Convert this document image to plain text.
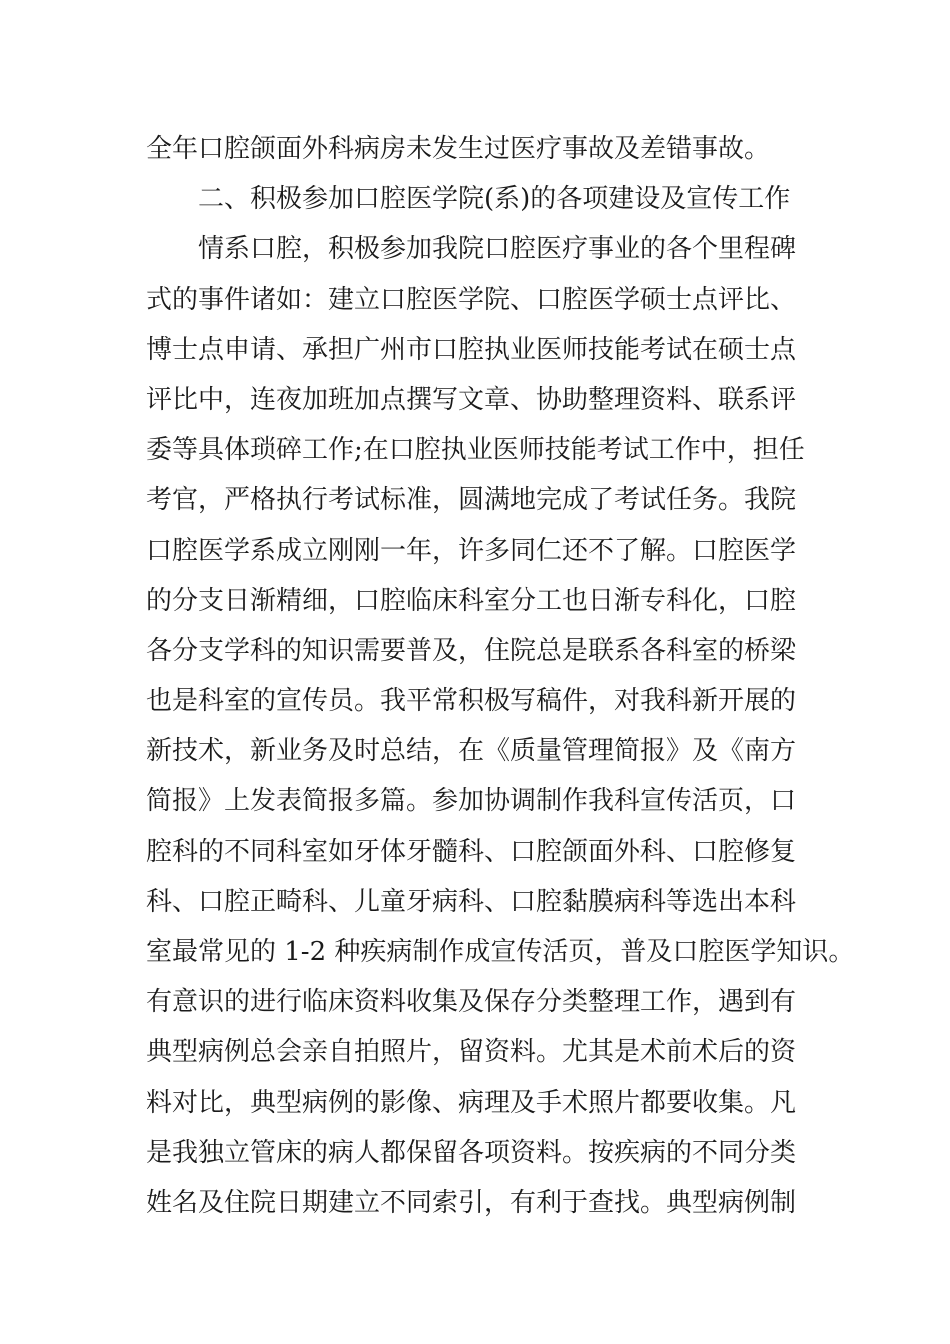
全年口腔颌面外科病房未发生过医疗事故及差错事故。
二、积极参加口腔医学院(系)的各项建设及宣传工作
情系口腔，积极参加我院口腔医疗事业的各个里程碑
式的事件诸如：建立口腔医学院、口腔医学硕士点评比、
博士点申请、承担广州市口腔执业医师技能考试在硕士点
评比中，连夜加班加点撰写文章、协助整理资料、联系评
委等具体琐碎工作;在口腔执业医师技能考试工作中，担任
考官，严格执行考试标准，圆满地完成了考试任务。我院
口腔医学系成立刚刚一年，许多同仁还不了解。口腔医学
的分支日渐精细，口腔临床科室分工也日渐专科化，口腔
各分支学科的知识需要普及，住院总是联系各科室的桥梁
也是科室的宣传员。我平常积极写稿件，对我科新开展的
新技术，新业务及时总结，在《质量管理简报》及《南方
简报》上发表简报多篇。参加协调制作我科宣传活页，口
腔科的不同科室如牙体牙髓科、口腔颌面外科、口腔修复
科、口腔正畸科、儿童牙病科、口腔黏膜病科等选出本科
室最常见的 1-2 种疾病制作成宣传活页，普及口腔医学知识。
有意识的进行临床资料收集及保存分类整理工作，遇到有
典型病例总会亲自拍照片，留资料。尤其是术前术后的资
料对比，典型病例的影像、病理及手术照片都要收集。凡
是我独立管床的病人都保留各项资料。按疾病的不同分类
姓名及住院日期建立不同索引，有利于查找。典型病例制
